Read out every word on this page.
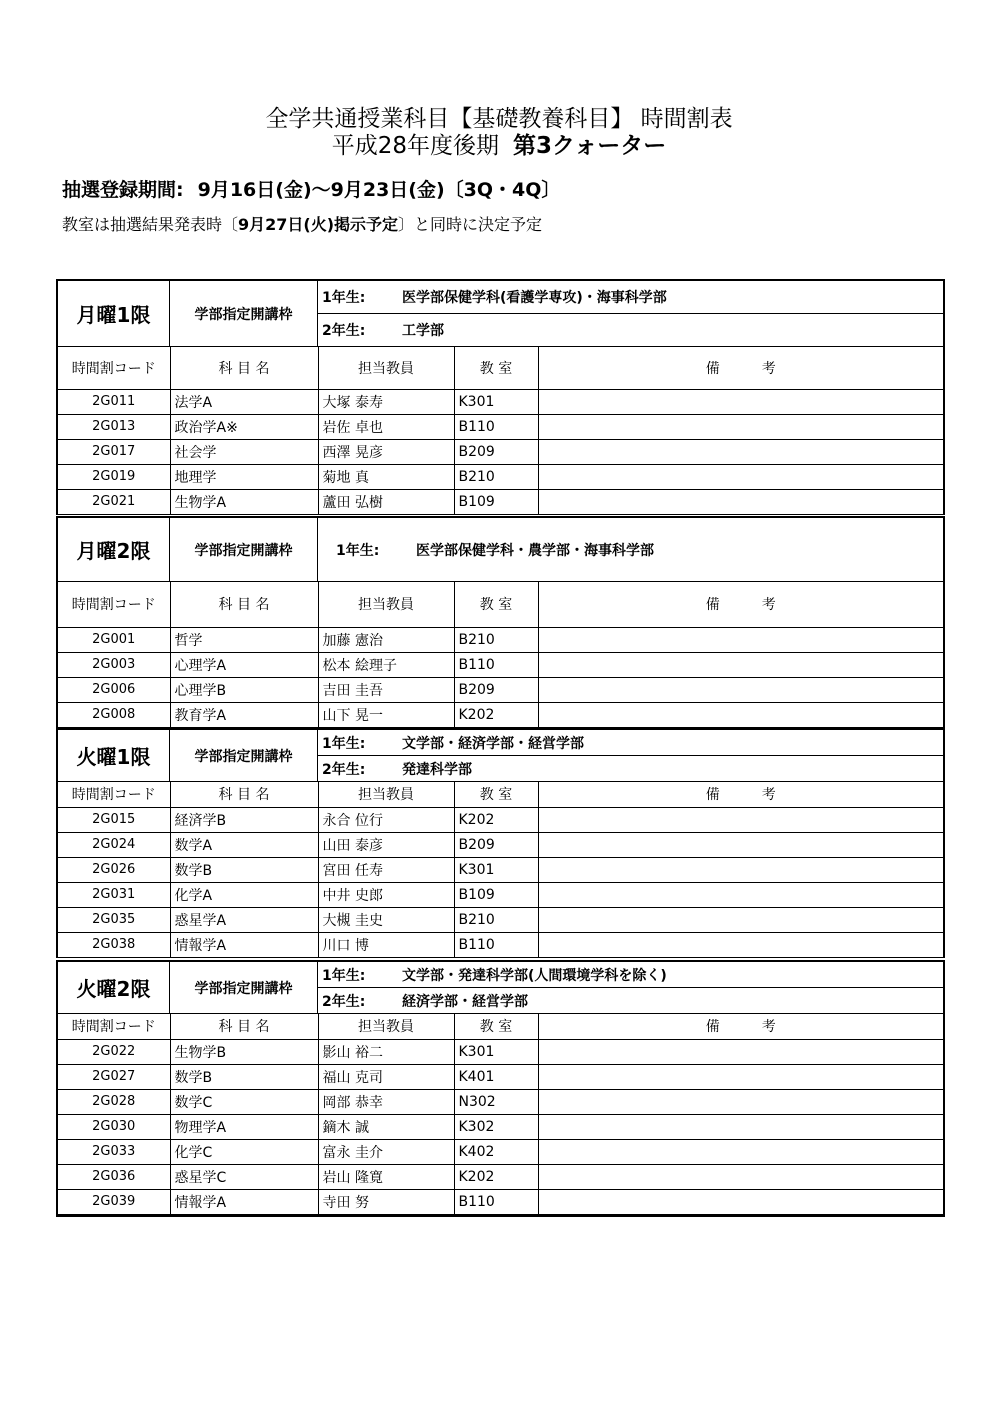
全学共通授業科目【基礎教養科目】 時間割表
平成28年度後期 第3クォーター
抽選登録期間: 9月16日(金)～9月23日(金)〔3Q・4Q〕
教室は抽選結果発表時〔9月27日(火)掲示予定〕と同時に決定予定
月曜1限	学部指定開講枠
1年生:	医学部保健学科(看護学専攻)・海事科学部
2年生:	工学部
時間割コード	科 目 名	担当教員	教 室	備　　　考
2G011	法学A	大塚 泰寿	K301	
2G013	政治学A※	岩佐 卓也	B110	
2G017	社会学	西澤 晃彦	B209	
2G019	地理学	菊地 真	B210	
2G021	生物学A	蘆田 弘樹	B109	
月曜2限	学部指定開講枠	1年生:	医学部保健学科・農学部・海事科学部
時間割コード	科 目 名	担当教員	教 室	備　　　考
2G001	哲学	加藤 憲治	B210	
2G003	心理学A	松本 絵理子	B110	
2G006	心理学B	吉田 圭吾	B209	
2G008	教育学A	山下 晃一	K202	
火曜1限	学部指定開講枠
1年生:	文学部・経済学部・経営学部
2年生:	発達科学部
時間割コード	科 目 名	担当教員	教 室	備　　　考
2G015	経済学B	永合 位行	K202	
2G024	数学A	山田 泰彦	B209	
2G026	数学B	宮田 任寿	K301	
2G031	化学A	中井 史郎	B109	
2G035	惑星学A	大槻 圭史	B210	
2G038	情報学A	川口 博	B110	
火曜2限	学部指定開講枠
1年生:	文学部・発達科学部(人間環境学科を除く)
2年生:	経済学部・経営学部
時間割コード	科 目 名	担当教員	教 室	備　　　考
2G022	生物学B	影山 裕二	K301	
2G027	数学B	福山 克司	K401	
2G028	数学C	岡部 恭幸	N302	
2G030	物理学A	鏑木 誠	K302	
2G033	化学C	富永 圭介	K402	
2G036	惑星学C	岩山 隆寛	K202	
2G039	情報学A	寺田 努	B110	
